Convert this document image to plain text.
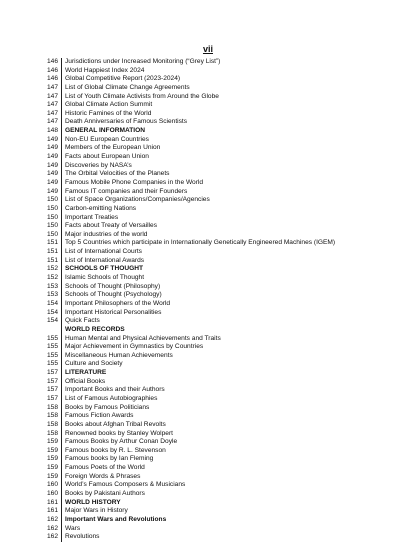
vii
146	Jurisdictions under Increased Monitoring (“Grey List”)
146	World Happiest Index 2024
146	Global Competitive Report (2023-2024)
147	List of Global Climate Change Agreements
147	List of Youth Climate Activists from Around the Globe
147	Global Climate Action Summit
147	Historic Famines of the World
147	Death Anniversaries of Famous Scientists
148	GENERAL INFORMATION
149	Non-EU European Countries
149	Members of the European Union
149	Facts about European Union
149	Discoveries by NASA’s
149	The Orbital Velocities of the Planets
149	Famous Mobile Phone Companies in the World
149	Famous IT companies and their Founders
150	List of Space Organizations/Companies/Agencies
150	Carbon-emitting Nations
150	Important Treaties
150	Facts about Treaty of Versailles
150	Major industries of the world
151	Top 5 Countries which participate in Internationally Genetically Engineered Machines (IGEM)
151	List of International Courts
151	List of International Awards
152	SCHOOLS OF THOUGHT
152	Islamic Schools of Thought
153	Schools of Thought (Philosophy)
153	Schools of Thought (Psychology)
154	Important Philosophers of the World
154	Important Historical Personalities
154	Quick Facts
WORLD RECORDS
155	Human Mental and Physical Achievements and Traits
155	Major Achievement in Gymnastics by Countries
155	Miscellaneous Human Achievements
155	Culture and Society
157	LITERATURE
157	Official Books
157	Important Books and their Authors
157	List of Famous Autobiographies
158	Books by Famous Politicians
158	Famous Fiction Awards
158	Books about Afghan Tribal Revolts
158	Renowned books by Stanley Wolpert
159	Famous Books by Arthur Conan Doyle
159	Famous books by R. L. Stevenson
159	Famous books by Ian Fleming
159	Famous Poets of the World
159	Foreign Words & Phrases
160	World’s Famous Composers & Musicians
160	Books by Pakistani Authors
161	WORLD HISTORY
161	Major Wars in History
162	Important Wars and Revolutions
162	Wars
162	Revolutions
